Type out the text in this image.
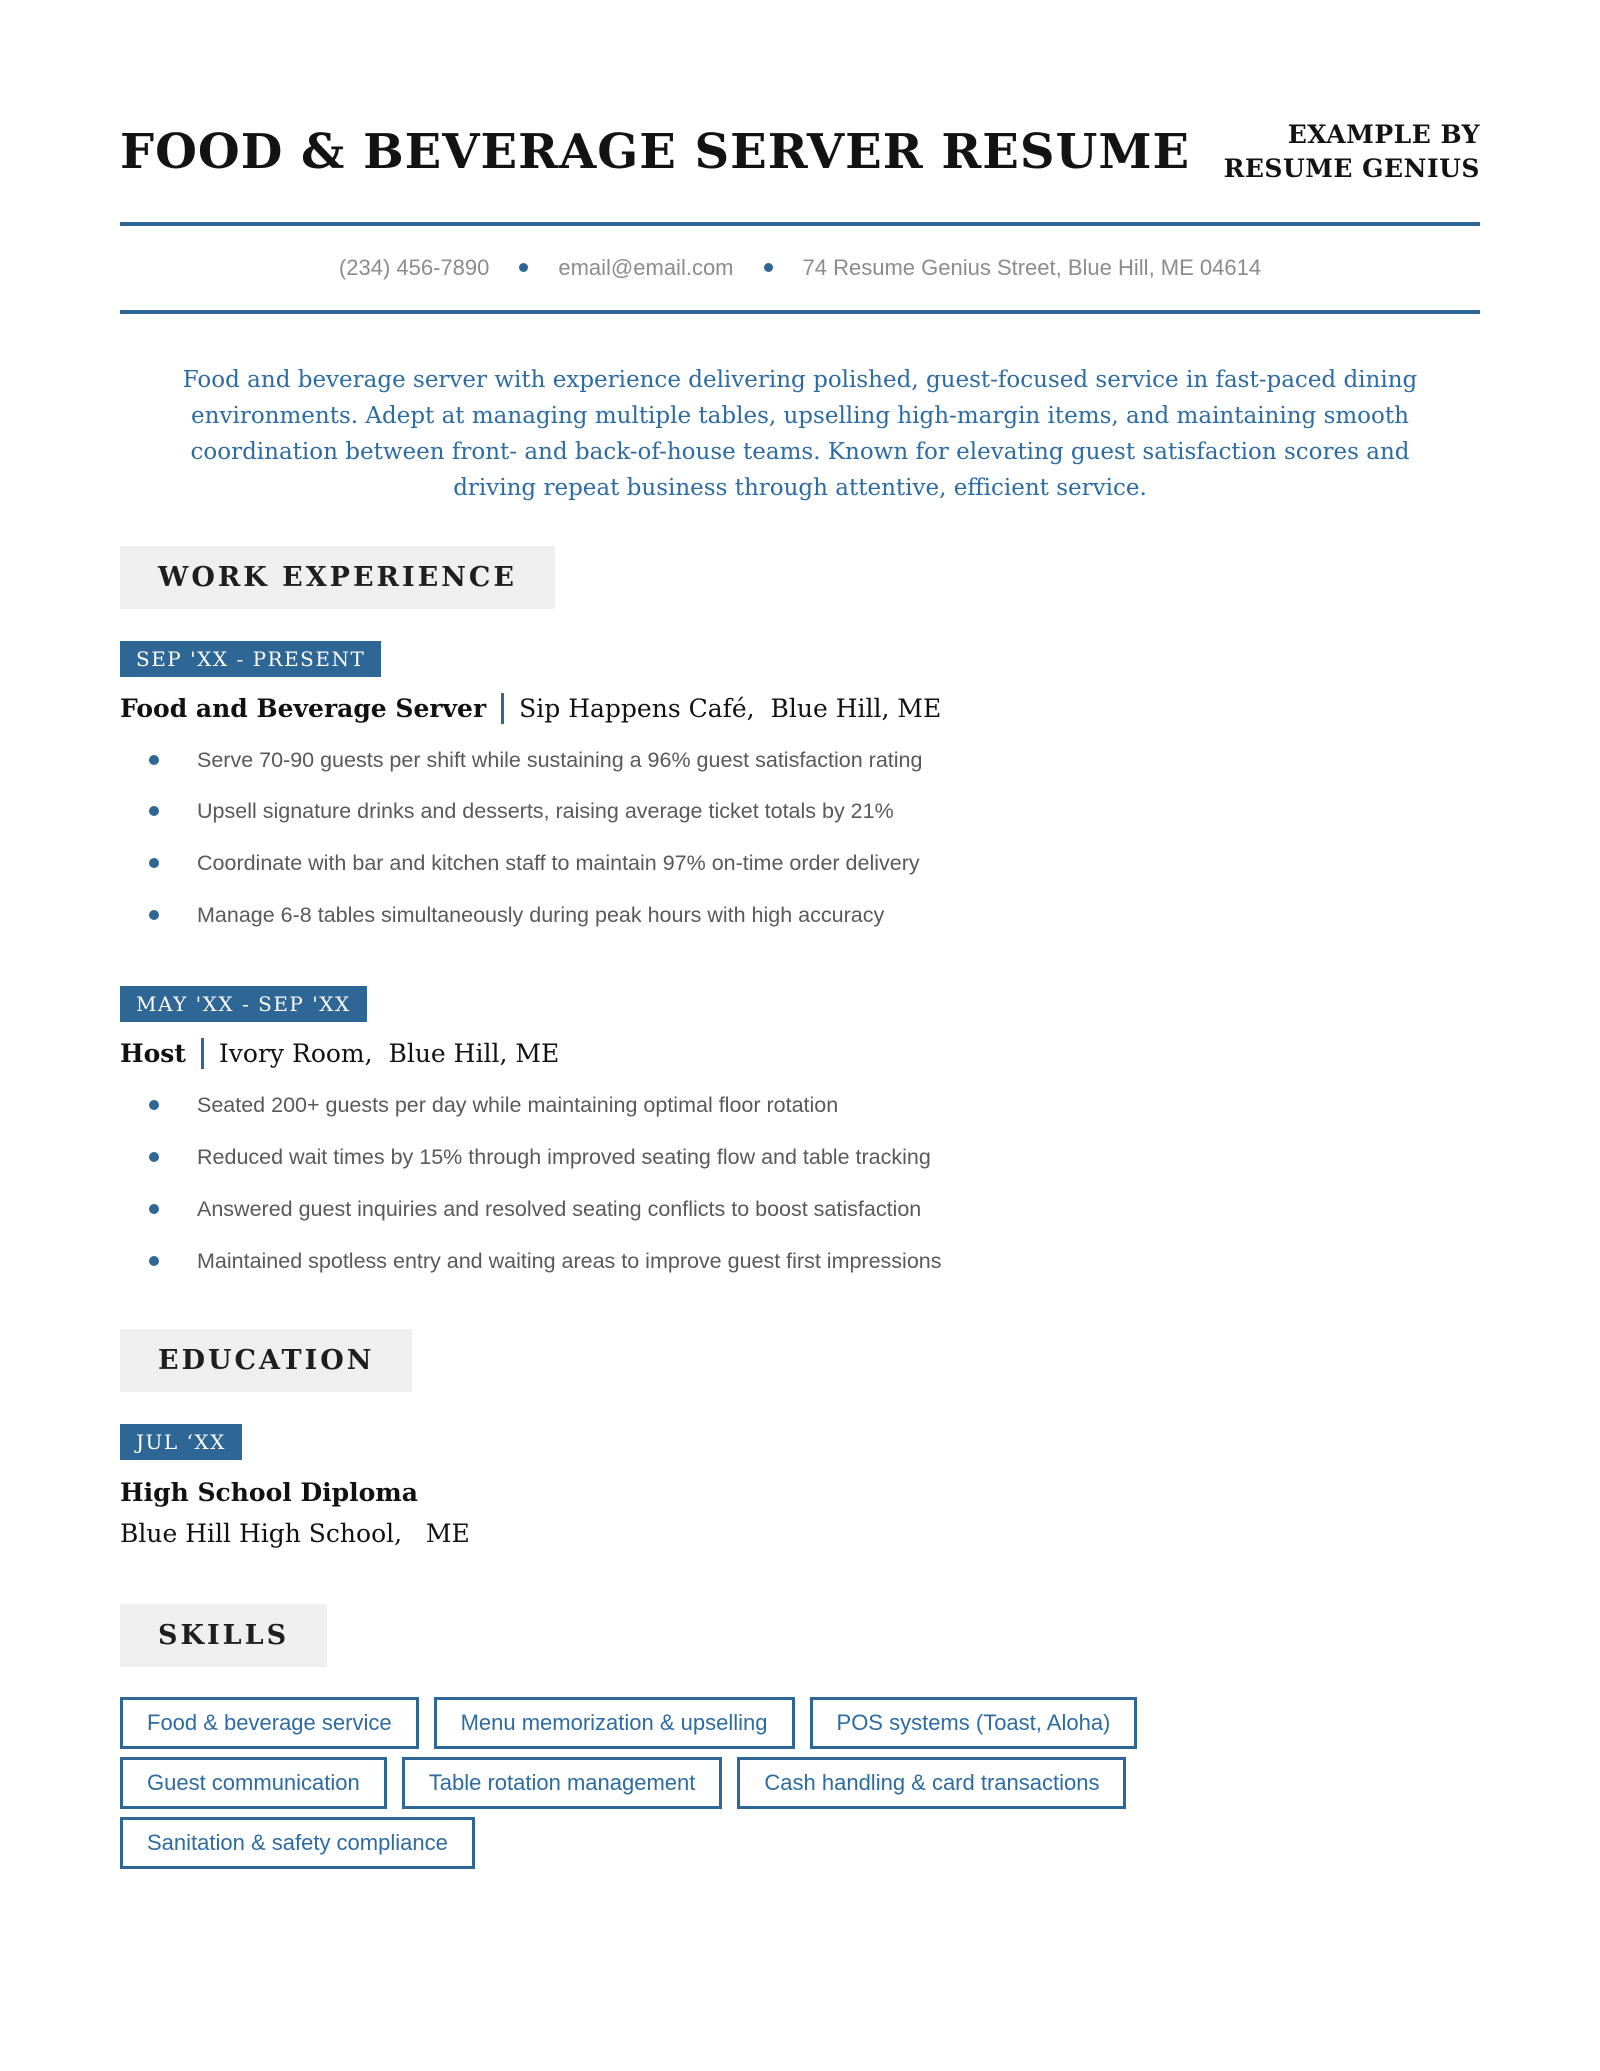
FOOD & BEVERAGE SERVER RESUME	EXAMPLE BY
RESUME GENIUS
(234) 456-7890	email@email.com	74 Resume Genius Street, Blue Hill, ME 04614

Food and beverage server with experience delivering polished, guest-focused service in fast-paced dining environments. Adept at managing multiple tables, upselling high-margin items, and maintaining smooth coordination between front- and back-of-house teams. Known for elevating guest satisfaction scores and driving repeat business through attentive, efficient service.

WORK EXPERIENCE
SEP 'XX - PRESENT
Food and Beverage Server Sip Happens Café,  Blue Hill, ME
Serve 70-90 guests per shift while sustaining a 96% guest satisfaction rating
Upsell signature drinks and desserts, raising average ticket totals by 21%
Coordinate with bar and kitchen staff to maintain 97% on-time order delivery
Manage 6-8 tables simultaneously during peak hours with high accuracy
MAY 'XX - SEP 'XX
Host Ivory Room,  Blue Hill, ME
Seated 200+ guests per day while maintaining optimal floor rotation
Reduced wait times by 15% through improved seating flow and table tracking
Answered guest inquiries and resolved seating conflicts to boost satisfaction
Maintained spotless entry and waiting areas to improve guest first impressions
EDUCATION
JUL ‘XX

High School Diploma

Blue Hill High School,   ME

SKILLS
Food & beverage service	Menu memorization & upselling	POS systems (Toast, Aloha)
Guest communication	Table rotation management	Cash handling & card transactions
Sanitation & safety compliance
